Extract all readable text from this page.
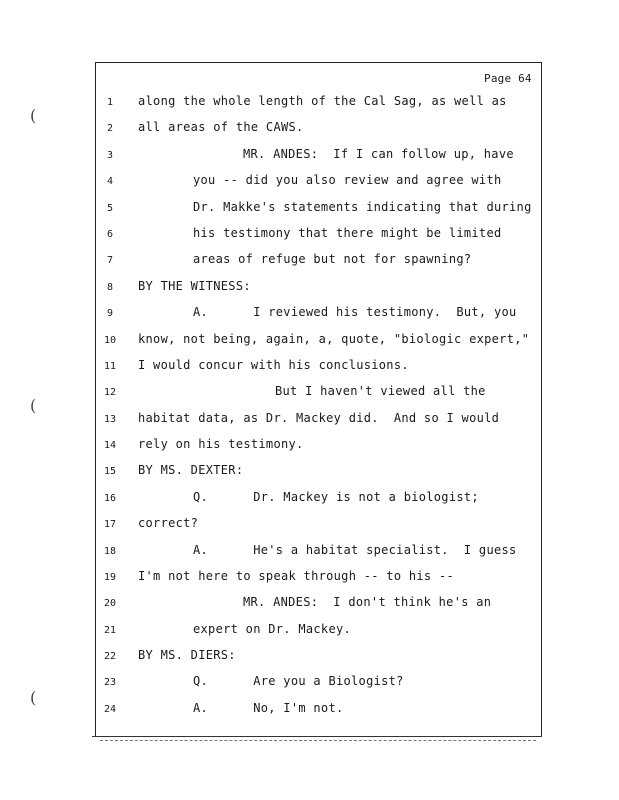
(
(
(
Page 64
1	along the whole length of the Cal Sag, as well as
2	all areas of the CAWS.
3	MR. ANDES:  If I can follow up, have
4	you -- did you also review and agree with
5	Dr. Makke's statements indicating that during
6	his testimony that there might be limited
7	areas of refuge but not for spawning?
8	BY THE WITNESS:
9	A.      I reviewed his testimony.  But, you
10	know, not being, again, a, quote, "biologic expert,"
11	I would concur with his conclusions.
12	But I haven't viewed all the
13	habitat data, as Dr. Mackey did.  And so I would
14	rely on his testimony.
15	BY MS. DEXTER:
16	Q.      Dr. Mackey is not a biologist;
17	correct?
18	A.      He's a habitat specialist.  I guess
19	I'm not here to speak through -- to his --
20	MR. ANDES:  I don't think he's an
21	expert on Dr. Mackey.
22	BY MS. DIERS:
23	Q.      Are you a Biologist?
24	A.      No, I'm not.
